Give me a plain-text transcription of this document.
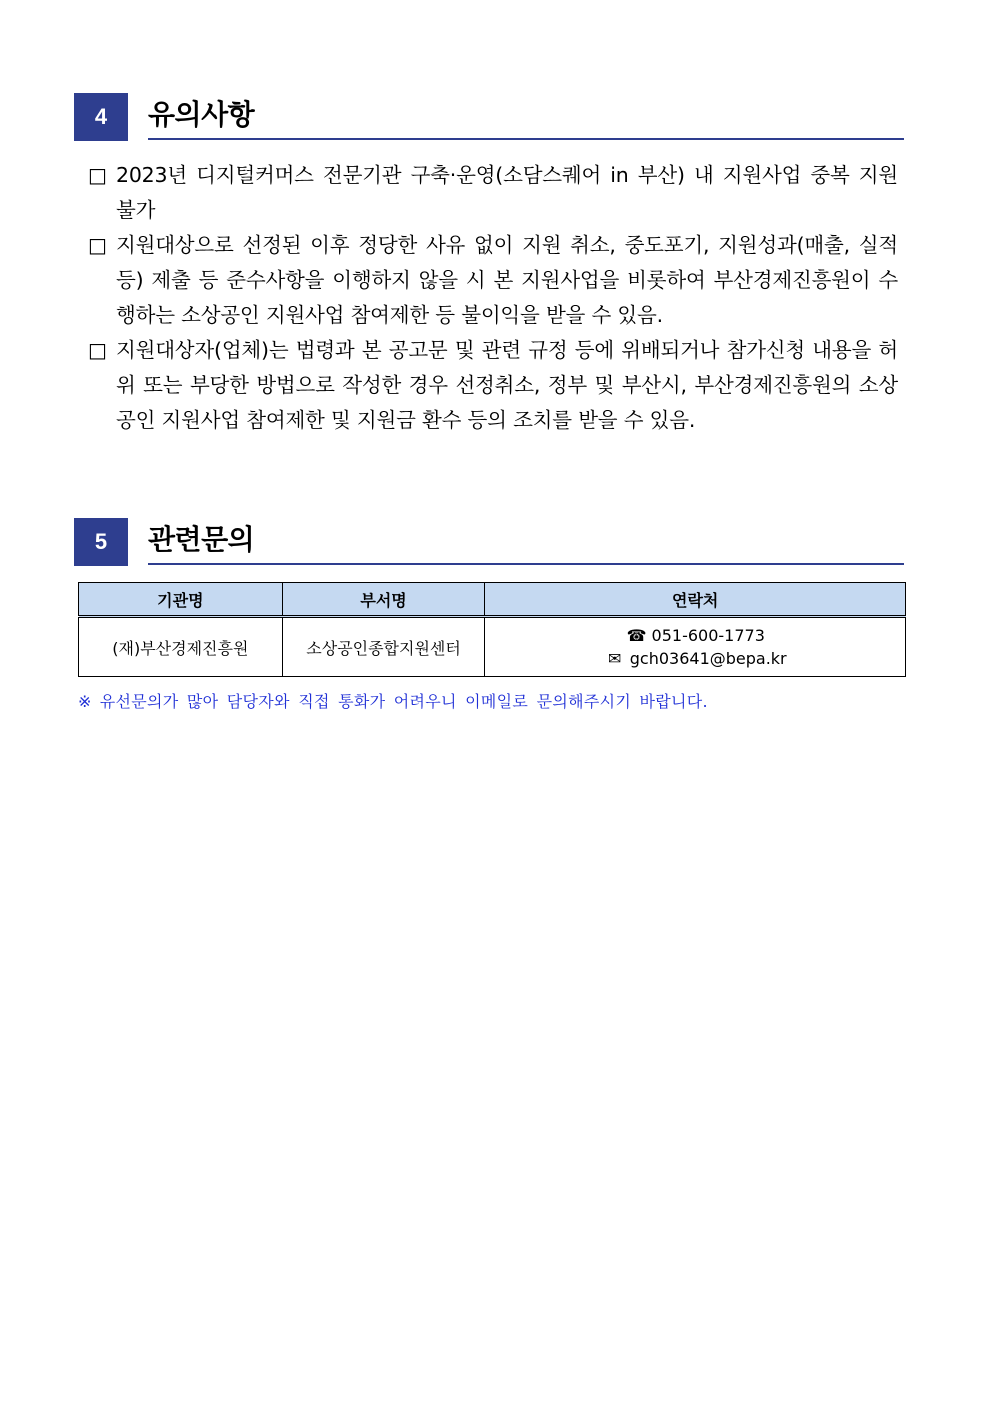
4	유의사항
□ 2023년 디지털커머스 전문기관 구축·운영(소담스퀘어 in 부산) 내 지원사업 중복 지원 불가
□ 지원대상으로 선정된 이후 정당한 사유 없이 지원 취소, 중도포기, 지원성과(매출, 실적 등) 제출 등 준수사항을 이행하지 않을 시 본 지원사업을 비롯하여 부산경제진흥원이 수행하는 소상공인 지원사업 참여제한 등 불이익을 받을 수 있음.
□ 지원대상자(업체)는 법령과 본 공고문 및 관련 규정 등에 위배되거나 참가신청 내용을 허위 또는 부당한 방법으로 작성한 경우 선정취소, 정부 및 부산시, 부산경제진흥원의 소상공인 지원사업 참여제한 및 지원금 환수 등의 조치를 받을 수 있음.
5	관련문의
기관명	부서명	연락처
(재)부산경제진흥원	소상공인종합지원센터	☎ 051-600-1773
✉ gch03641@bepa.kr
※ 유선문의가 많아 담당자와 직접 통화가 어려우니 이메일로 문의해주시기 바랍니다.
